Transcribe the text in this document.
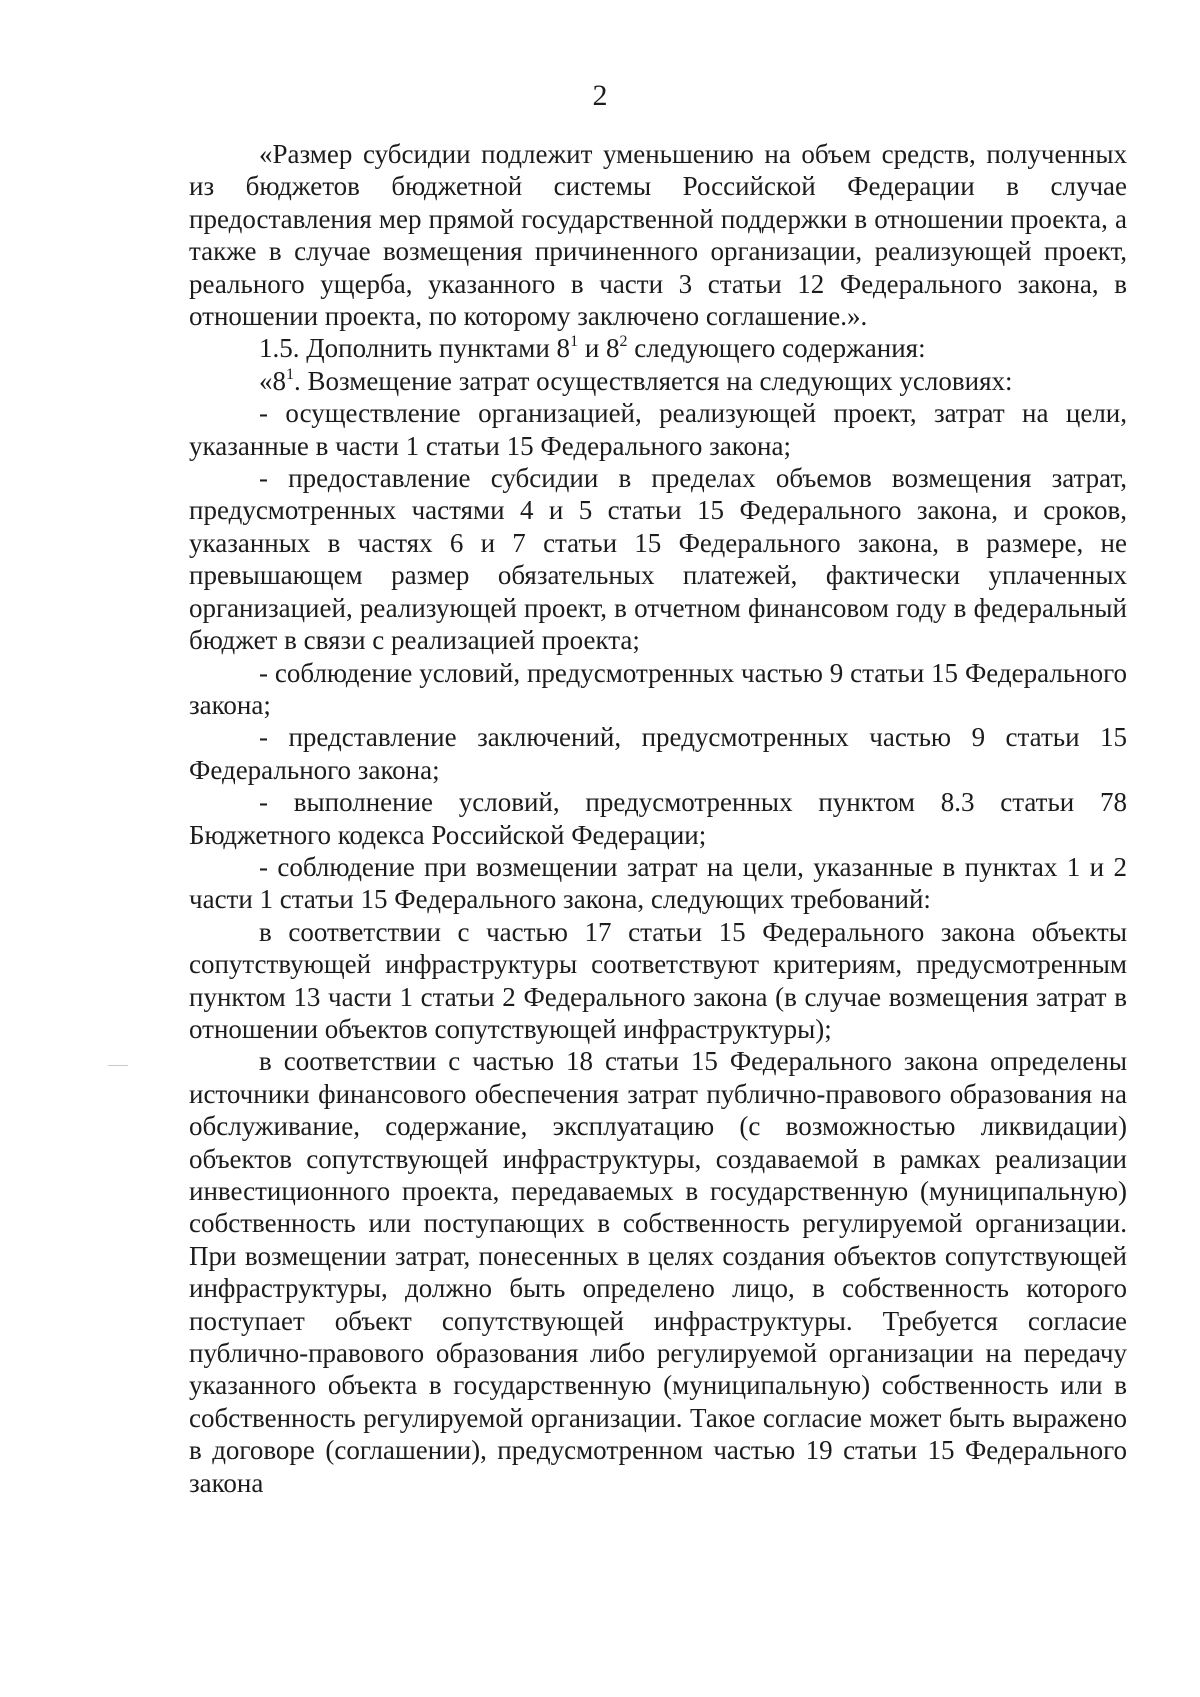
2

«Размер субсидии подлежит уменьшению на объем средств, полученных из бюджетов бюджетной системы Российской Федерации в случае предоставления мер прямой государственной поддержки в отношении проекта, а также в случае возмещения причиненного организации, реализующей проект, реального ущерба, указанного в части 3 статьи 12 Федерального закона, в отношении проекта, по которому заключено соглашение.».

1.5. Дополнить пунктами $8^1$ и $8^2$ следующего содержания:

«$8^1$. Возмещение затрат осуществляется на следующих условиях:

- осуществление организацией, реализующей проект, затрат на цели, указанные в части 1 статьи 15 Федерального закона;

- предоставление субсидии в пределах объемов возмещения затрат, предусмотренных частями 4 и 5 статьи 15 Федерального закона, и сроков, указанных в частях 6 и 7 статьи 15 Федерального закона, в размере, не превышающем размер обязательных платежей, фактически уплаченных организацией, реализующей проект, в отчетном финансовом году в федеральный бюджет в связи с реализацией проекта;

- соблюдение условий, предусмотренных частью 9 статьи 15 Федерального закона;

- представление заключений, предусмотренных частью 9 статьи 15 Федерального закона;

- выполнение условий, предусмотренных пунктом 8.3 статьи 78 Бюджетного кодекса Российской Федерации;

- соблюдение при возмещении затрат на цели, указанные в пунктах 1 и 2 части 1 статьи 15 Федерального закона, следующих требований:

в соответствии с частью 17 статьи 15 Федерального закона объекты сопутствующей инфраструктуры соответствуют критериям, предусмотренным пунктом 13 части 1 статьи 2 Федерального закона (в случае возмещения затрат в отношении объектов сопутствующей инфраструктуры);

в соответствии с частью 18 статьи 15 Федерального закона определены источники финансового обеспечения затрат публично-правового образования на обслуживание, содержание, эксплуатацию (с возможностью ликвидации) объектов сопутствующей инфраструктуры, создаваемой в рамках реализации инвестиционного проекта, передаваемых в государственную (муниципальную) собственность или поступающих в собственность регулируемой организации. При возмещении затрат, понесенных в целях создания объектов сопутствующей инфраструктуры, должно быть определено лицо, в собственность которого поступает объект сопутствующей инфраструктуры. Требуется согласие публично-правового образования либо регулируемой организации на передачу указанного объекта в государственную (муниципальную) собственность или в собственность регулируемой организации. Такое согласие может быть выражено в договоре (соглашении), предусмотренном частью 19 статьи 15 Федерального закона
